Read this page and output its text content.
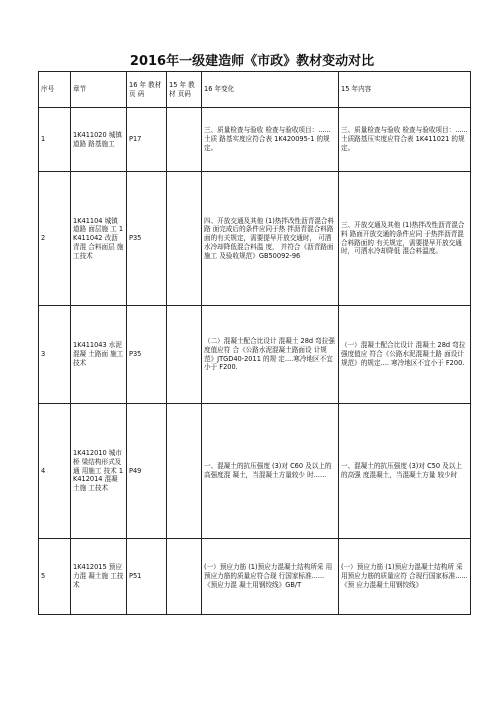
2016年一级建造师《市政》教材变动对比
序号	章节	16 年 教材页 码	15 年 教 材 页码	16 年变化	15 年内容
1	1K411020 城镇道路 路基施工	P17		三、质量检查与验收 检查与验收项目：......土质 路基实度应符合表 1K420095-1 的规定。	三、质量检查与验收 检查与验收项目：...... 土质路基压实度应符合表 1K411021 的规定。
2	1K41104 城镇道路 面层施 工 1K411042 改沥青混 合料面层 施工技术	P35		四、开放交通及其他 (1)热拌改性沥青混合料路 面完成后的条件应同于热 拌沥青混合料路面的有关规定，需要提早开放交通时， 可洒水冷却降低混合料温 度， 并符合《沥青路面施工 及验收规范》GB50092-96	三、开放交通及其他 (1)热拌改性沥青混合料 路面开放交通的条件应同 于热拌沥青混合料路面的 有关规定，需要提早开放交通时，可洒水冷却降低 混合料温度。
3	1K411043 水泥混凝 土路面 施工技术	P35		（二）混凝土配合比设计 混凝土 28d 弯拉强度值应符 合《公路水泥混凝土路面设 计规范》JTGD40-2011 的规 定....寒冷地区不宜小于 F200.	（一）混凝土配合比设计 混凝土 28d 弯拉强度值应 符合《公路水泥混凝土路 面设计规范》的规定.... 寒冷地区不宜小于 F200.
4	1K412010 城市桥 梁结构形式及通 用施工 技术 1K412014 混凝土施 工技术	P49		一、混凝土的抗压强度 (3)对 C60 及以上的高强度混 凝土，当混凝土方量较少 时......	一、混凝土的抗压强度 (3)对 C50 及以上的高强 度混凝土，当混凝土方量 较少时
5	1K412015 预应力混 凝土施 工技术	P51		(一）预应力筋 (1)预应力混凝土结构所采 用预应力筋的质量应符合现 行国家标准......《预应力混 凝土用钢绞线》GB/T	(一）预应力筋 (1)预应力混凝土结构所 采用预应力筋的质量应符 合现行国家标准......《预 应力混凝土用钢绞线》
